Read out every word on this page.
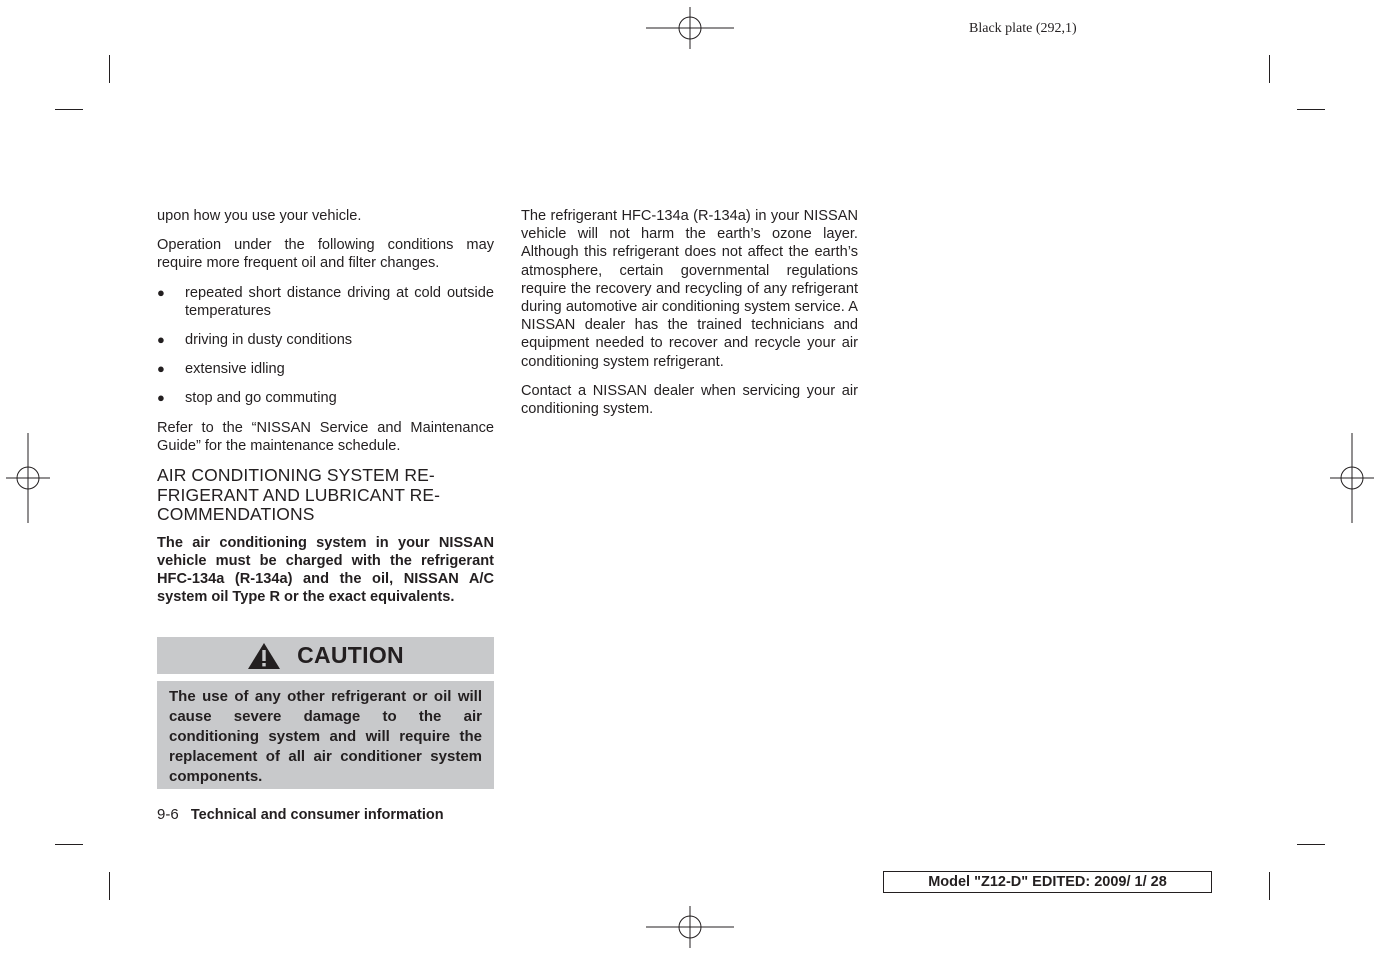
Black plate (292,1)

upon how you use your vehicle.

Operation under the following conditions may require more frequent oil and filter changes.

● repeated short distance driving at cold outside temperatures
● driving in dusty conditions
● extensive idling
● stop and go commuting

Refer to the “NISSAN Service and Maintenance Guide” for the maintenance schedule.

AIR CONDITIONING SYSTEM RE-
FRIGERANT AND LUBRICANT RE-
COMMENDATIONS

The air conditioning system in your NISSAN vehicle must be charged with the refrigerant HFC-134a (R-134a) and the oil, NISSAN A/C system oil Type R or the exact equivalents.

CAUTION
The use of any other refrigerant or oil will cause severe damage to the air conditioning system and will require the replacement of all air conditioner system components.

The refrigerant HFC-134a (R-134a) in your NISSAN vehicle will not harm the earth’s ozone layer. Although this refrigerant does not affect the earth’s atmosphere, certain governmental regulations require the recovery and recycling of any refrigerant during automotive air conditioning system service. A NISSAN dealer has the trained technicians and equipment needed to recover and recycle your air conditioning system refrigerant.

Contact a NISSAN dealer when servicing your air conditioning system.

9-6 Technical and consumer information
Model "Z12-D" EDITED: 2009/ 1/ 28
